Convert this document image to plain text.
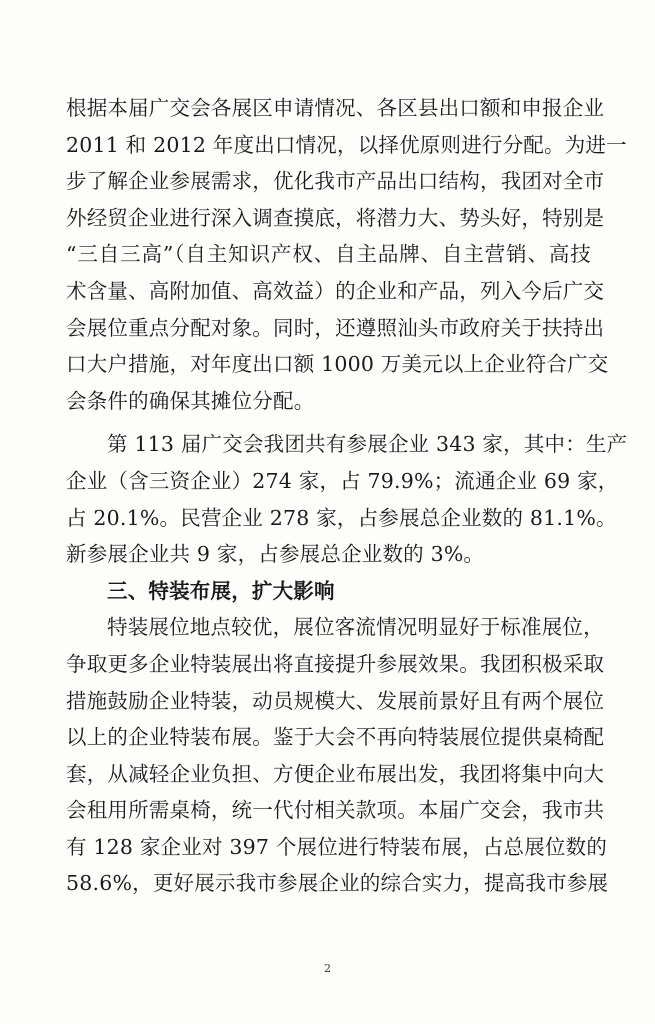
根据本届广交会各展区申请情况、各区县出口额和申报企业
2011 和 2012 年度出口情况，以择优原则进行分配。为进一
步了解企业参展需求，优化我市产品出口结构，我团对全市
外经贸企业进行深入调查摸底，将潜力大、势头好，特别是
“三自三高”（自主知识产权、自主品牌、自主营销、高技
术含量、高附加值、高效益）的企业和产品，列入今后广交
会展位重点分配对象。同时，还遵照汕头市政府关于扶持出
口大户措施，对年度出口额 1000 万美元以上企业符合广交
会条件的确保其摊位分配。
第 113 届广交会我团共有参展企业 343 家，其中：生产
企业（含三资企业）274 家，占 79.9%；流通企业 69 家，
占 20.1%。民营企业 278 家，占参展总企业数的 81.1%。
新参展企业共 9 家，占参展总企业数的 3%。
三、特装布展，扩大影响
特装展位地点较优，展位客流情况明显好于标准展位，
争取更多企业特装展出将直接提升参展效果。我团积极采取
措施鼓励企业特装，动员规模大、发展前景好且有两个展位
以上的企业特装布展。鉴于大会不再向特装展位提供桌椅配
套，从减轻企业负担、方便企业布展出发，我团将集中向大
会租用所需桌椅，统一代付相关款项。本届广交会，我市共
有 128 家企业对 397 个展位进行特装布展，占总展位数的
58.6%，更好展示我市参展企业的综合实力，提高我市参展
2
